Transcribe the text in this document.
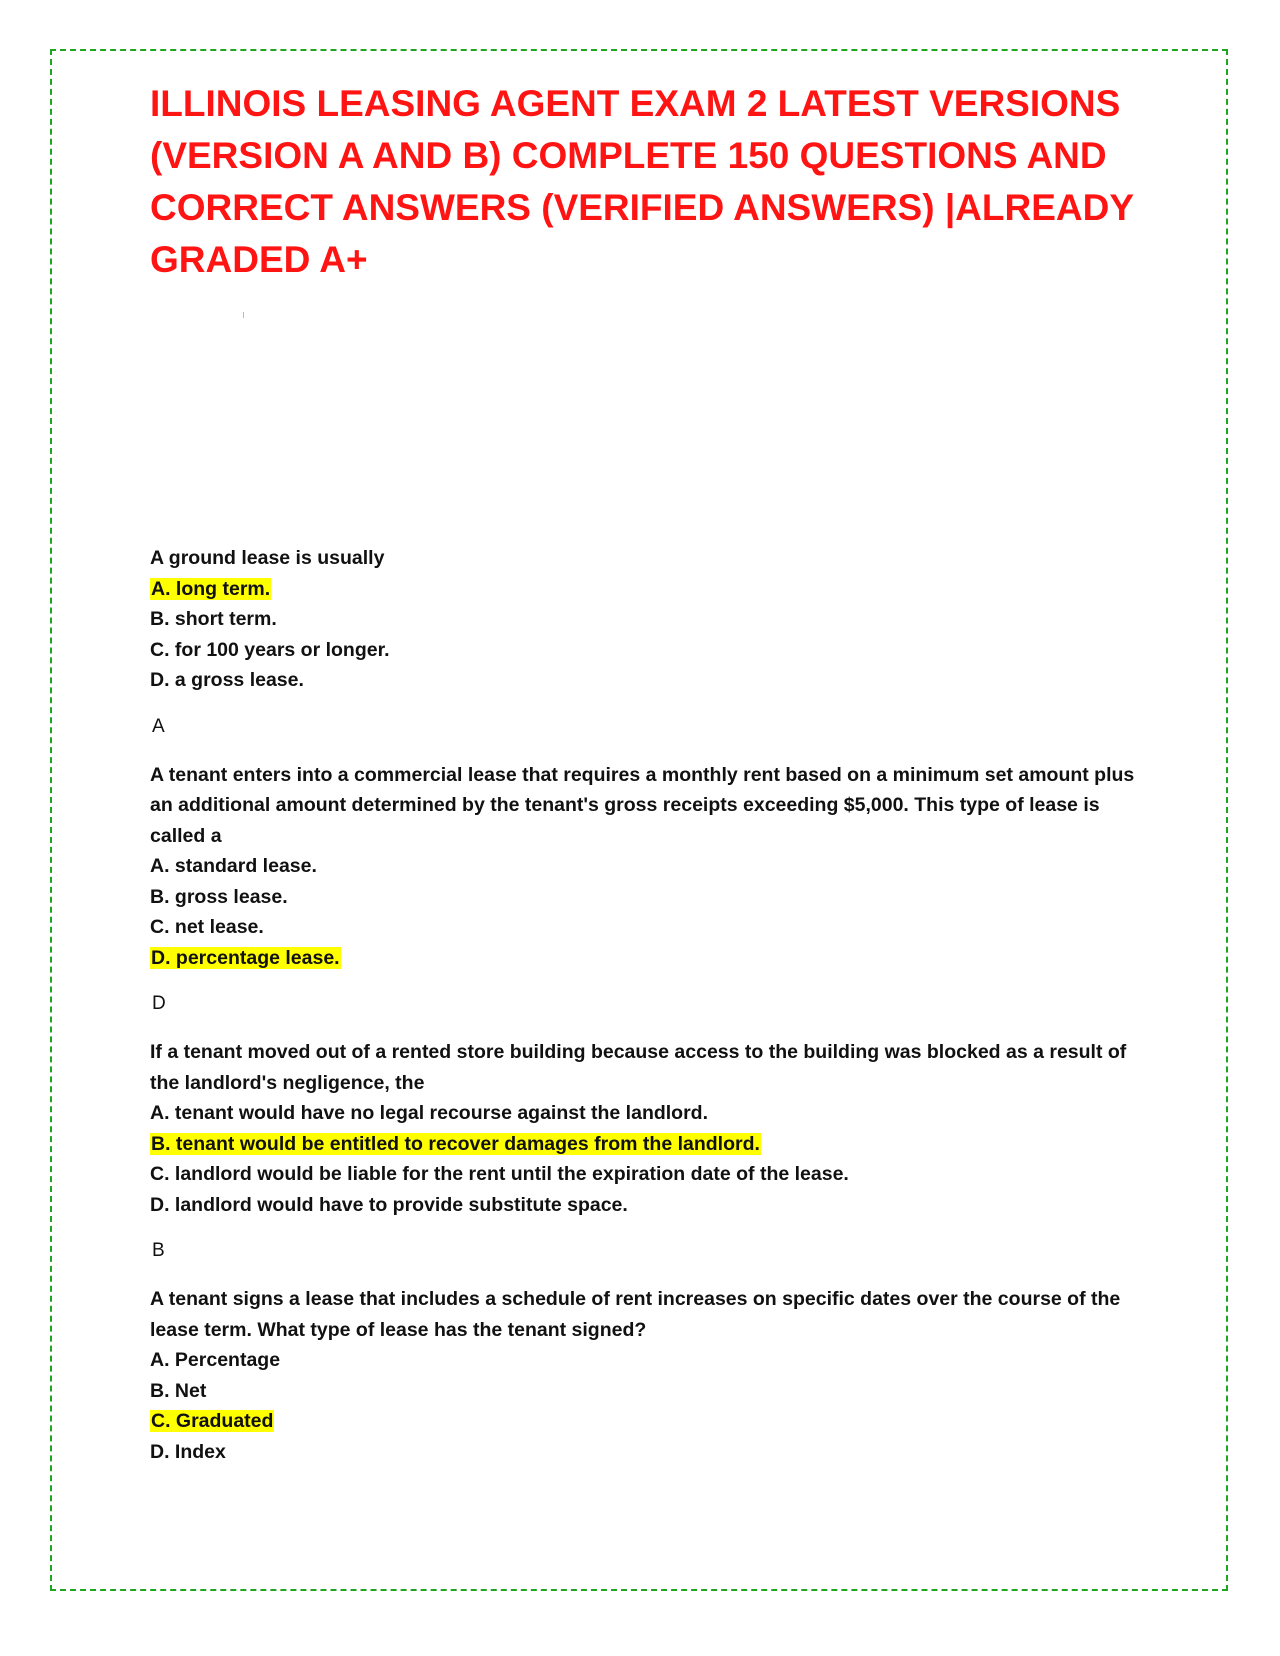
ILLINOIS LEASING AGENT EXAM 2 LATEST VERSIONS (VERSION A AND B) COMPLETE 150 QUESTIONS AND CORRECT ANSWERS (VERIFIED ANSWERS) |ALREADY GRADED A+

A ground lease is usually

A. long term.

B. short term.

C. for 100 years or longer.

D. a gross lease.

A

A tenant enters into a commercial lease that requires a monthly rent based on a minimum set amount plus an additional amount determined by the tenant's gross receipts exceeding $5,000. This type of lease is called a

A. standard lease.

B. gross lease.

C. net lease.

D. percentage lease.

D

If a tenant moved out of a rented store building because access to the building was blocked as a result of the landlord's negligence, the

A. tenant would have no legal recourse against the landlord.

B. tenant would be entitled to recover damages from the landlord.

C. landlord would be liable for the rent until the expiration date of the lease.

D. landlord would have to provide substitute space.

B

A tenant signs a lease that includes a schedule of rent increases on specific dates over the course of the lease term. What type of lease has the tenant signed?

A. Percentage

B. Net

C. Graduated

D. Index
